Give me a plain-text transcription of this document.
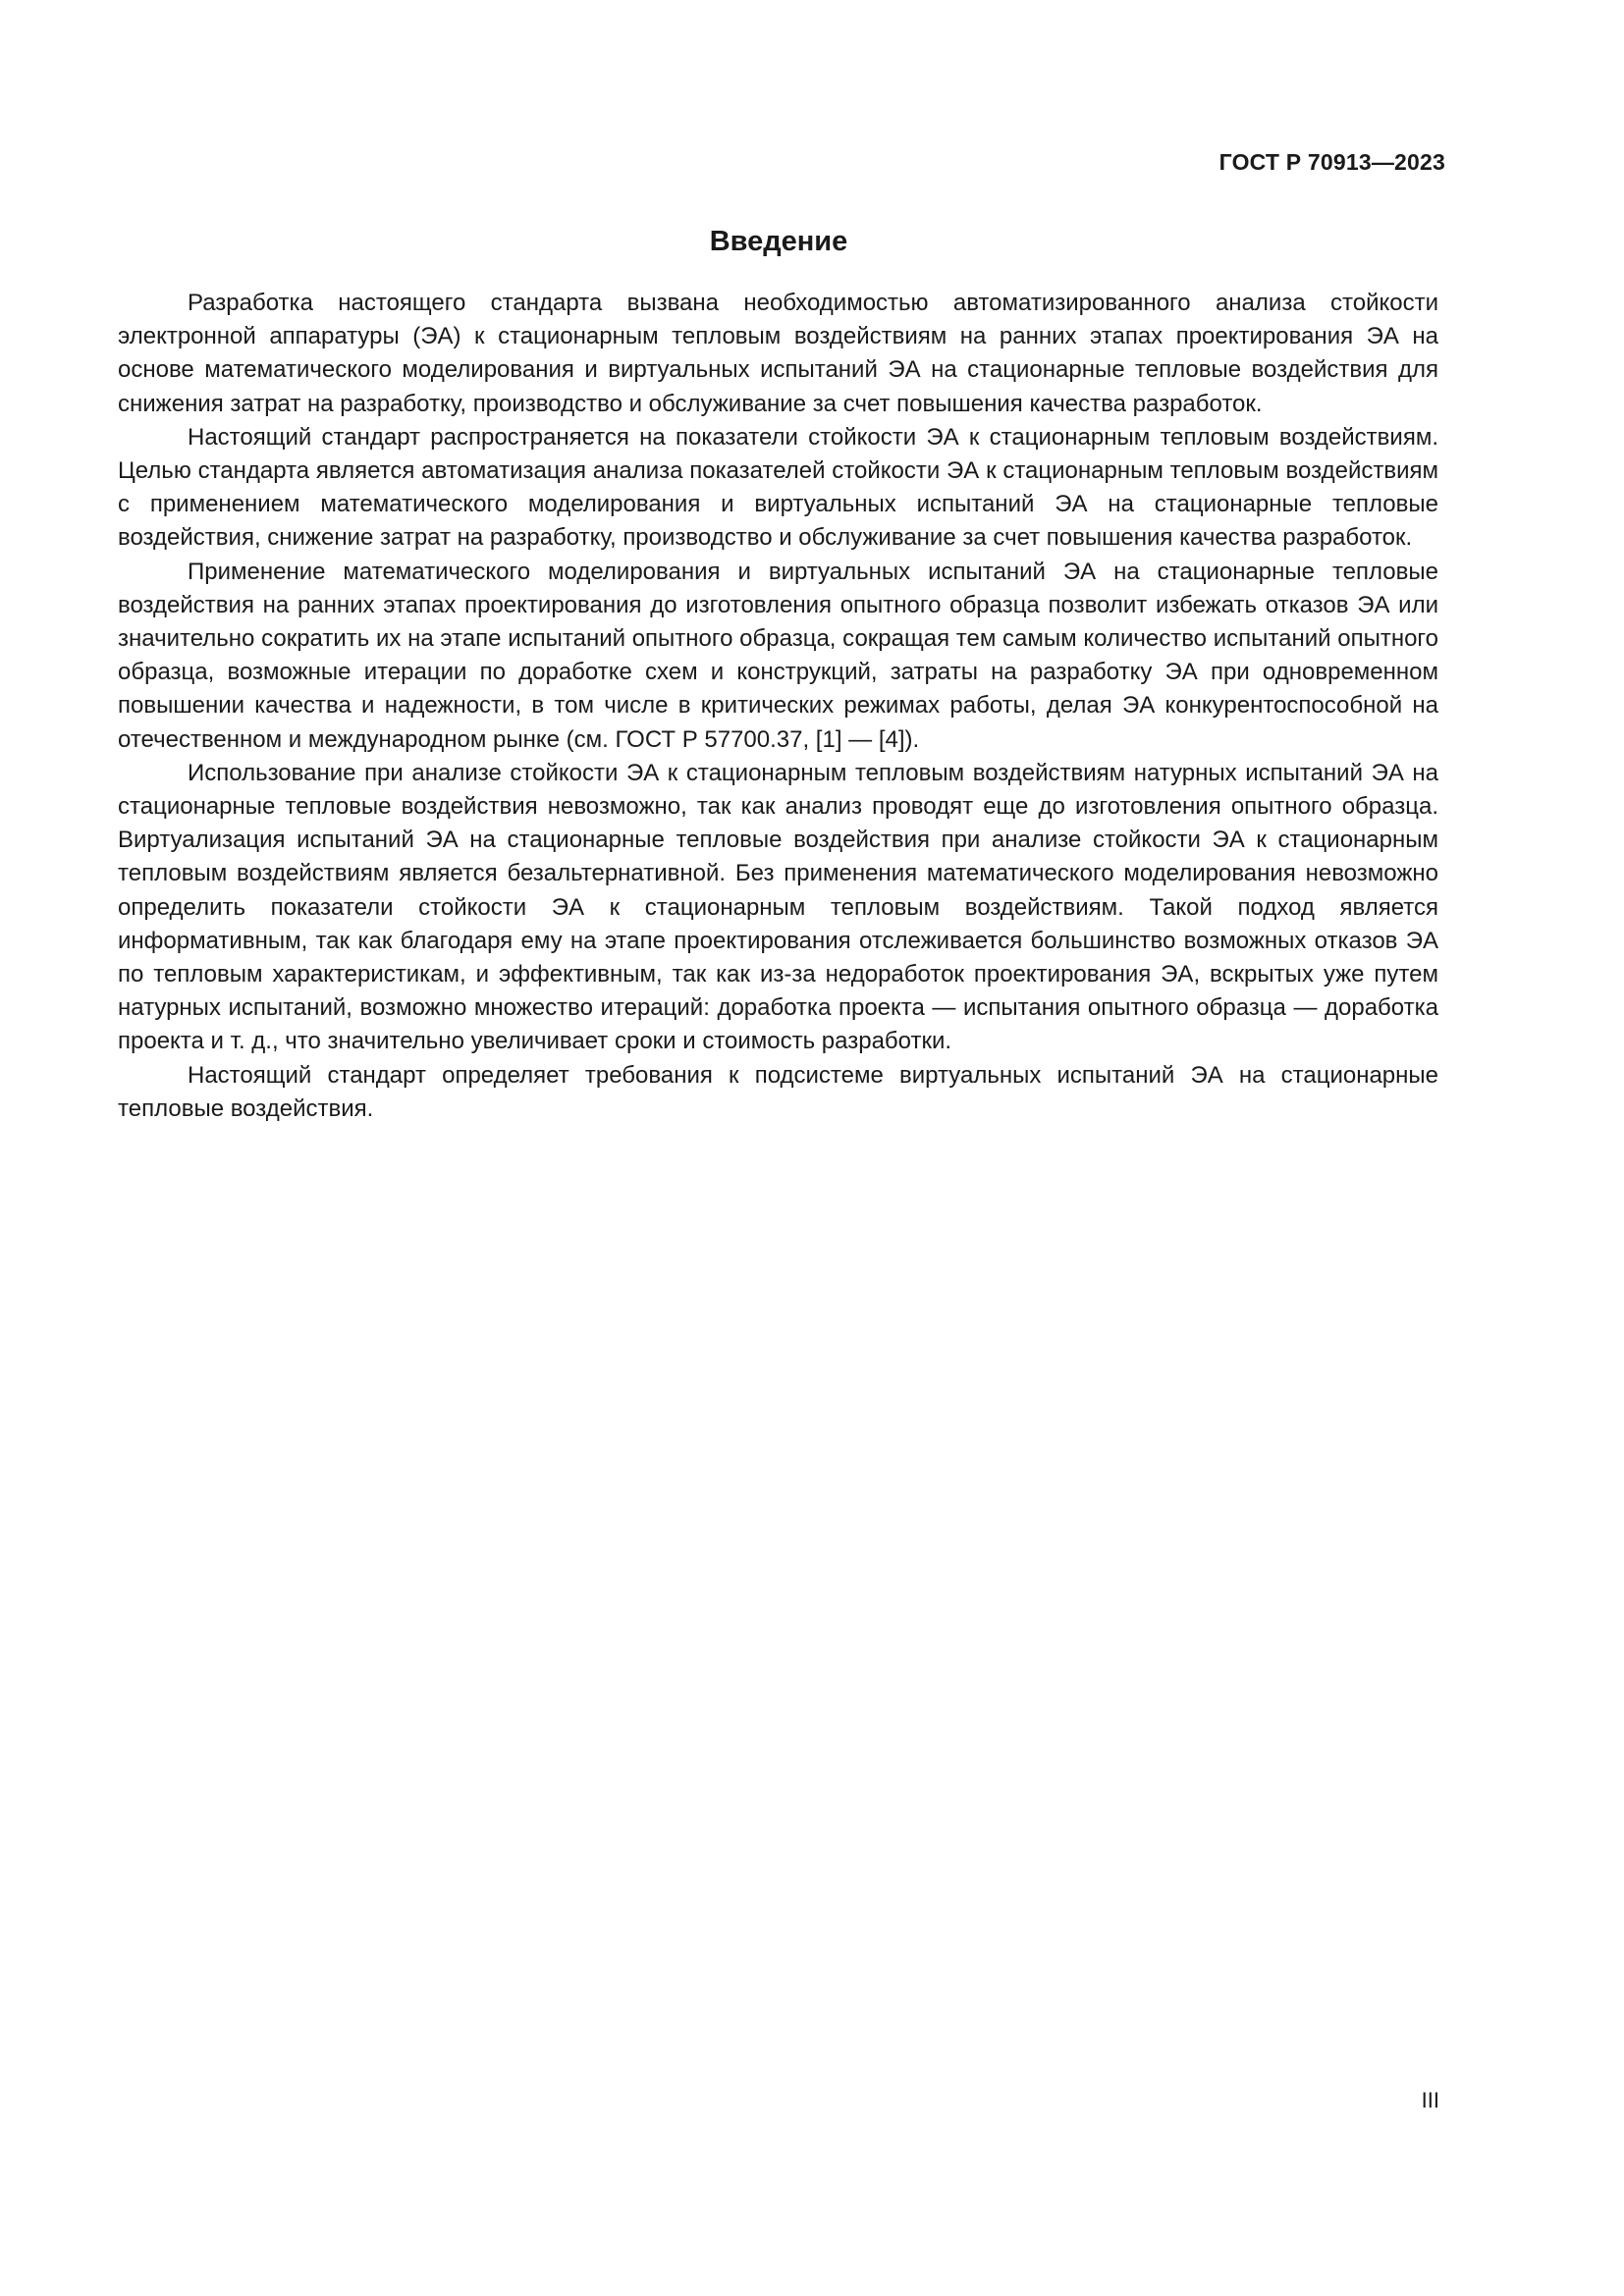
ГОСТ Р 70913—2023
Введение

Разработка настоящего стандарта вызвана необходимостью автоматизированного анализа стойкости электронной аппаратуры (ЭА) к стационарным тепловым воздействиям на ранних этапах проектирования ЭА на основе математического моделирования и виртуальных испытаний ЭА на стационарные тепловые воздействия для снижения затрат на разработку, производство и обслуживание за счет повышения качества разработок.

Настоящий стандарт распространяется на показатели стойкости ЭА к стационарным тепловым воздействиям. Целью стандарта является автоматизация анализа показателей стойкости ЭА к стационарным тепловым воздействиям с применением математического моделирования и виртуальных испытаний ЭА на стационарные тепловые воздействия, снижение затрат на разработку, производство и обслуживание за счет повышения качества разработок.

Применение математического моделирования и виртуальных испытаний ЭА на стационарные тепловые воздействия на ранних этапах проектирования до изготовления опытного образца позволит избежать отказов ЭА или значительно сократить их на этапе испытаний опытного образца, сокращая тем самым количество испытаний опытного образца, возможные итерации по доработке схем и конструкций, затраты на разработку ЭА при одновременном повышении качества и надежности, в том числе в критических режимах работы, делая ЭА конкурентоспособной на отечественном и международном рынке (см. ГОСТ Р 57700.37, [1] — [4]).

Использование при анализе стойкости ЭА к стационарным тепловым воздействиям натурных испытаний ЭА на стационарные тепловые воздействия невозможно, так как анализ проводят еще до изготовления опытного образца. Виртуализация испытаний ЭА на стационарные тепловые воздействия при анализе стойкости ЭА к стационарным тепловым воздействиям является безальтернативной. Без применения математического моделирования невозможно определить показатели стойкости ЭА к стационарным тепловым воздействиям. Такой подход является информативным, так как благодаря ему на этапе проектирования отслеживается большинство возможных отказов ЭА по тепловым характеристикам, и эффективным, так как из-за недоработок проектирования ЭА, вскрытых уже путем натурных испытаний, возможно множество итераций: доработка проекта — испытания опытного образца — доработка проекта и т. д., что значительно увеличивает сроки и стоимость разработки.

Настоящий стандарт определяет требования к подсистеме виртуальных испытаний ЭА на стационарные тепловые воздействия.

III
